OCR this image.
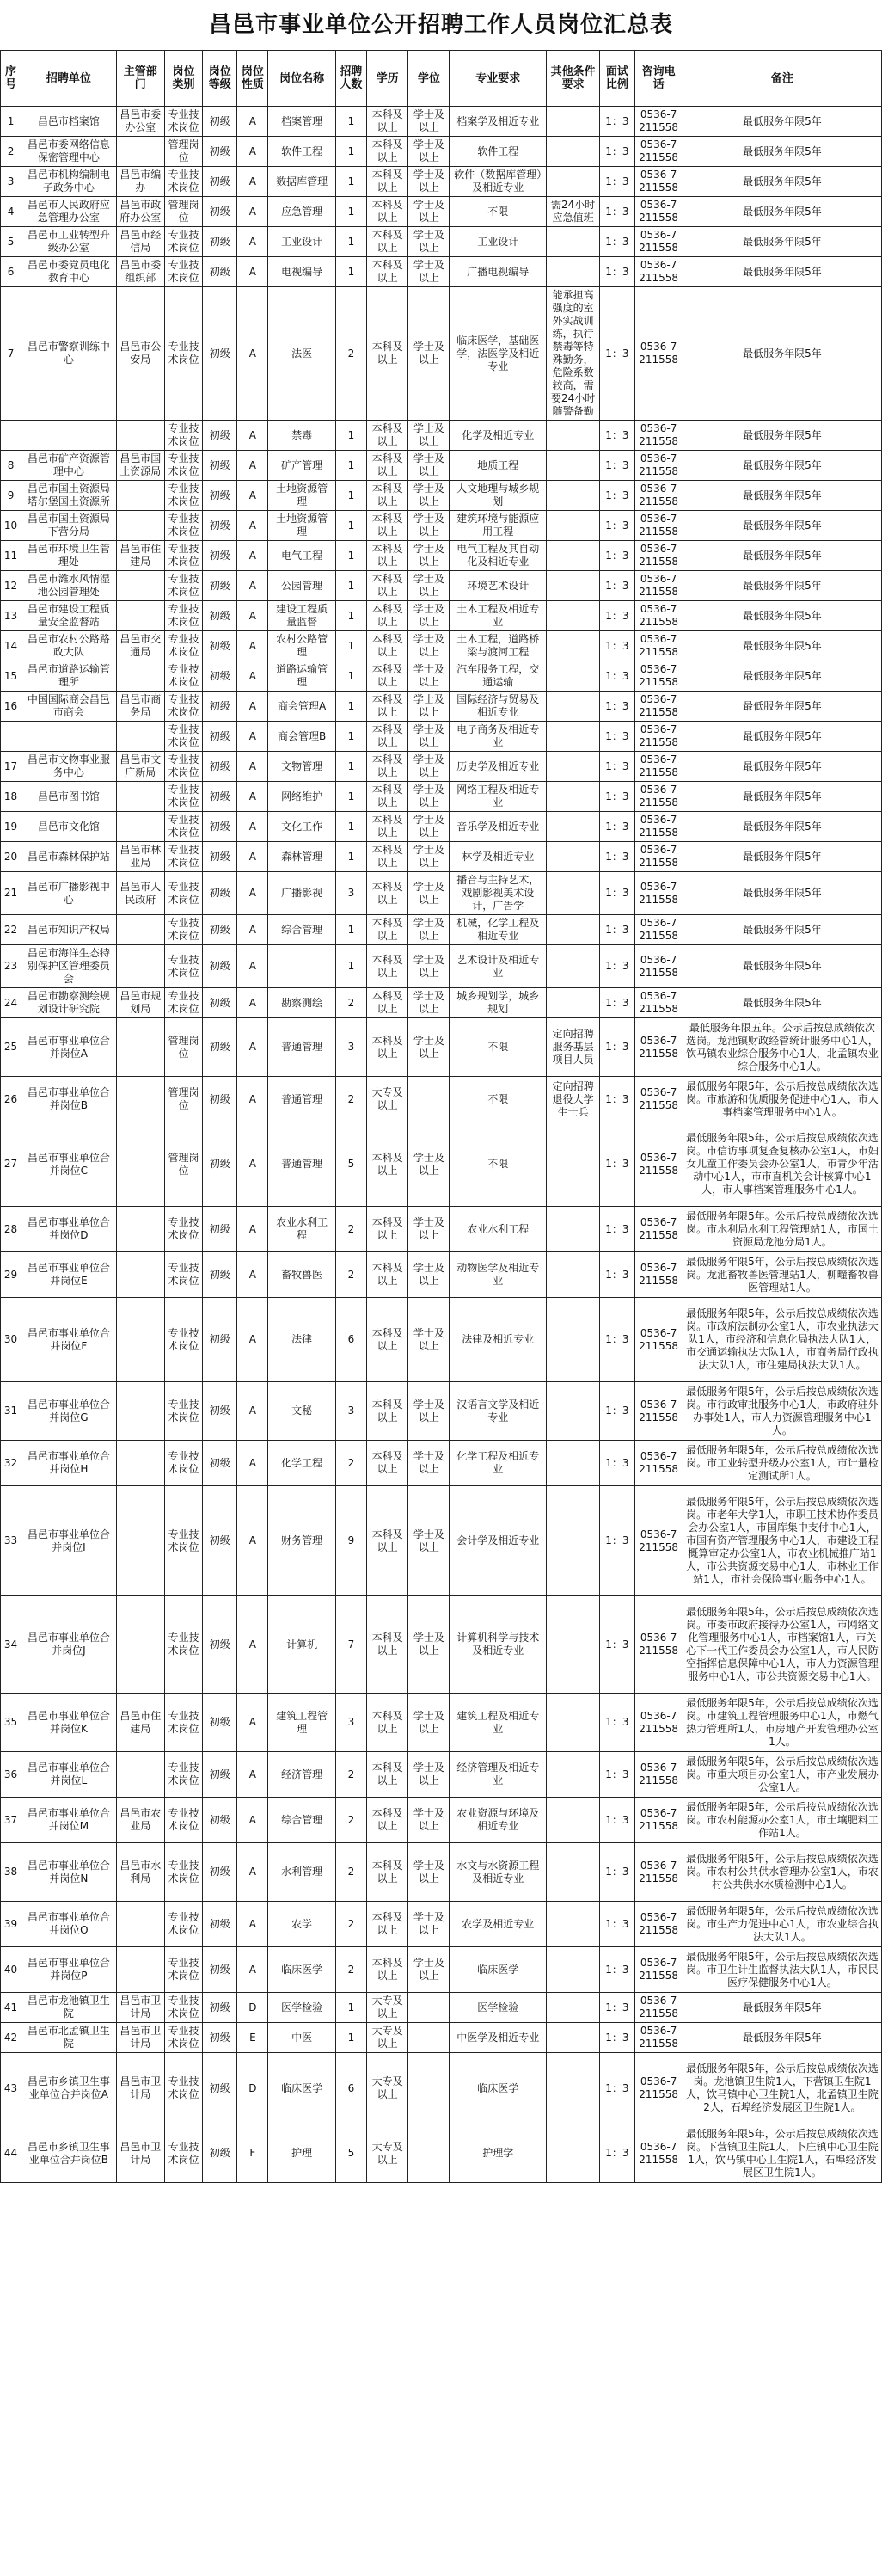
昌邑市事业单位公开招聘工作人员岗位汇总表
序号	招聘单位	主管部门	岗位类别	岗位等级	岗位性质	岗位名称	招聘人数	学历	学位	专业要求	其他条件要求	面试比例	咨询电话	备注
1	昌邑市档案馆	昌邑市委办公室	专业技术岗位	初级	A	档案管理	1	本科及以上	学士及以上	档案学及相近专业		1：3	0536-7211558	最低服务年限5年
2	昌邑市委网络信息保密管理中心		管理岗位	初级	A	软件工程	1	本科及以上	学士及以上	软件工程		1：3	0536-7211558	最低服务年限5年
3	昌邑市机构编制电子政务中心	昌邑市编办	专业技术岗位	初级	A	数据库管理	1	本科及以上	学士及以上	软件（数据库管理）及相近专业		1：3	0536-7211558	最低服务年限5年
4	昌邑市人民政府应急管理办公室	昌邑市政府办公室	管理岗位	初级	A	应急管理	1	本科及以上	学士及以上	不限	需24小时应急值班	1：3	0536-7211558	最低服务年限5年
5	昌邑市工业转型升级办公室	昌邑市经信局	专业技术岗位	初级	A	工业设计	1	本科及以上	学士及以上	工业设计		1：3	0536-7211558	最低服务年限5年
6	昌邑市委党员电化教育中心	昌邑市委组织部	专业技术岗位	初级	A	电视编导	1	本科及以上	学士及以上	广播电视编导		1：3	0536-7211558	最低服务年限5年
7	昌邑市警察训练中心	昌邑市公安局	专业技术岗位	初级	A	法医	2	本科及以上	学士及以上	临床医学，基础医学，法医学及相近专业	能承担高强度的室外实战训练，执行禁毒等特殊勤务，危险系数较高，需要24小时随警备勤	1：3	0536-7211558	最低服务年限5年
			专业技术岗位	初级	A	禁毒	1	本科及以上	学士及以上	化学及相近专业		1：3	0536-7211558	最低服务年限5年
8	昌邑市矿产资源管理中心	昌邑市国土资源局	专业技术岗位	初级	A	矿产管理	1	本科及以上	学士及以上	地质工程		1：3	0536-7211558	最低服务年限5年
9	昌邑市国土资源局塔尔堡国土资源所		专业技术岗位	初级	A	土地资源管理	1	本科及以上	学士及以上	人文地理与城乡规划		1：3	0536-7211558	最低服务年限5年
10	昌邑市国土资源局下营分局		专业技术岗位	初级	A	土地资源管理	1	本科及以上	学士及以上	建筑环境与能源应用工程		1：3	0536-7211558	最低服务年限5年
11	昌邑市环境卫生管理处	昌邑市住建局	专业技术岗位	初级	A	电气工程	1	本科及以上	学士及以上	电气工程及其自动化及相近专业		1：3	0536-7211558	最低服务年限5年
12	昌邑市潍水风情湿地公园管理处		专业技术岗位	初级	A	公园管理	1	本科及以上	学士及以上	环境艺术设计		1：3	0536-7211558	最低服务年限5年
13	昌邑市建设工程质量安全监督站		专业技术岗位	初级	A	建设工程质量监督	1	本科及以上	学士及以上	土木工程及相近专业		1：3	0536-7211558	最低服务年限5年
14	昌邑市农村公路路政大队	昌邑市交通局	专业技术岗位	初级	A	农村公路管理	1	本科及以上	学士及以上	土木工程，道路桥梁与渡河工程		1：3	0536-7211558	最低服务年限5年
15	昌邑市道路运输管理所		专业技术岗位	初级	A	道路运输管理	1	本科及以上	学士及以上	汽车服务工程，交通运输		1：3	0536-7211558	最低服务年限5年
16	中国国际商会昌邑市商会	昌邑市商务局	专业技术岗位	初级	A	商会管理A	1	本科及以上	学士及以上	国际经济与贸易及相近专业		1：3	0536-7211558	最低服务年限5年
			专业技术岗位	初级	A	商会管理B	1	本科及以上	学士及以上	电子商务及相近专业		1：3	0536-7211558	最低服务年限5年
17	昌邑市文物事业服务中心	昌邑市文广新局	专业技术岗位	初级	A	文物管理	1	本科及以上	学士及以上	历史学及相近专业		1：3	0536-7211558	最低服务年限5年
18	昌邑市图书馆		专业技术岗位	初级	A	网络维护	1	本科及以上	学士及以上	网络工程及相近专业		1：3	0536-7211558	最低服务年限5年
19	昌邑市文化馆		专业技术岗位	初级	A	文化工作	1	本科及以上	学士及以上	音乐学及相近专业		1：3	0536-7211558	最低服务年限5年
20	昌邑市森林保护站	昌邑市林业局	专业技术岗位	初级	A	森林管理	1	本科及以上	学士及以上	林学及相近专业		1：3	0536-7211558	最低服务年限5年
21	昌邑市广播影视中心	昌邑市人民政府	专业技术岗位	初级	A	广播影视	3	本科及以上	学士及以上	播音与主持艺术，戏剧影视美术设计，广告学		1：3	0536-7211558	最低服务年限5年
22	昌邑市知识产权局		专业技术岗位	初级	A	综合管理	1	本科及以上	学士及以上	机械，化学工程及相近专业		1：3	0536-7211558	最低服务年限5年
23	昌邑市海洋生态特别保护区管理委员会		专业技术岗位	初级	A		1	本科及以上	学士及以上	艺术设计及相近专业		1：3	0536-7211558	最低服务年限5年
24	昌邑市勘察测绘规划设计研究院	昌邑市规划局	专业技术岗位	初级	A	勘察测绘	2	本科及以上	学士及以上	城乡规划学，城乡规划		1：3	0536-7211558	最低服务年限5年
25	昌邑市事业单位合并岗位A		管理岗位	初级	A	普通管理	3	本科及以上	学士及以上	不限	定向招聘服务基层项目人员	1：3	0536-7211558	最低服务年限五年。公示后按总成绩依次选岗。龙池镇财政经管统计服务中心1人，饮马镇农业综合服务中心1人，北孟镇农业综合服务中心1人。
26	昌邑市事业单位合并岗位B		管理岗位	初级	A	普通管理	2	大专及以上		不限	定向招聘退役大学生士兵	1：3	0536-7211558	最低服务年限5年，公示后按总成绩依次选岗。市旅游和优质服务促进中心1人，市人事档案管理服务中心1人。
27	昌邑市事业单位合并岗位C		管理岗位	初级	A	普通管理	5	本科及以上	学士及以上	不限		1：3	0536-7211558	最低服务年限5年，公示后按总成绩依次选岗。市信访事项复查复核办公室1人，市妇女儿童工作委员会办公室1人，市青少年活动中心1人，市市直机关会计核算中心1人，市人事档案管理服务中心1人。
28	昌邑市事业单位合并岗位D		专业技术岗位	初级	A	农业水利工程	2	本科及以上	学士及以上	农业水利工程		1：3	0536-7211558	最低服务年限5年。公示后按总成绩依次选岗。市水利局水利工程管理站1人，市国土资源局龙池分局1人。
29	昌邑市事业单位合并岗位E		专业技术岗位	初级	A	畜牧兽医	2	本科及以上	学士及以上	动物医学及相近专业		1：3	0536-7211558	最低服务年限5年，公示后按总成绩依次选岗。龙池畜牧兽医管理站1人，柳疃畜牧兽医管理站1人。
30	昌邑市事业单位合并岗位F		专业技术岗位	初级	A	法律	6	本科及以上	学士及以上	法律及相近专业		1：3	0536-7211558	最低服务年限5年，公示后按总成绩依次选岗。市政府法制办公室1人，市农业执法大队1人，市经济和信息化局执法大队1人，市交通运输执法大队1人，市商务局行政执法大队1人，市住建局执法大队1人。
31	昌邑市事业单位合并岗位G		专业技术岗位	初级	A	文秘	3	本科及以上	学士及以上	汉语言文学及相近专业		1：3	0536-7211558	最低服务年限5年，公示后按总成绩依次选岗。市行政审批服务中心1人，市政府驻外办事处1人，市人力资源管理服务中心1人。
32	昌邑市事业单位合并岗位H		专业技术岗位	初级	A	化学工程	2	本科及以上	学士及以上	化学工程及相近专业		1：3	0536-7211558	最低服务年限5年，公示后按总成绩依次选岗。市工业转型升级办公室1人，市计量检定测试所1人。
33	昌邑市事业单位合并岗位I		专业技术岗位	初级	A	财务管理	9	本科及以上	学士及以上	会计学及相近专业		1：3	0536-7211558	最低服务年限5年，公示后按总成绩依次选岗。市老年大学1人，市职工技术协作委员会办公室1人，市国库集中支付中心1人，市国有资产管理服务中心1人，市建设工程概算审定办公室1人，市农业机械推广站1人，市公共资源交易中心1人，市林业工作站1人，市社会保险事业服务中心1人。
34	昌邑市事业单位合并岗位J		专业技术岗位	初级	A	计算机	7	本科及以上	学士及以上	计算机科学与技术及相近专业		1：3	0536-7211558	最低服务年限5年，公示后按总成绩依次选岗。市委市政府接待办公室1人，市网络文化管理服务中心1人，市档案馆1人，市关心下一代工作委员会办公室1人，市人民防空指挥信息保障中心1人，市人力资源管理服务中心1人，市公共资源交易中心1人。
35	昌邑市事业单位合并岗位K	昌邑市住建局	专业技术岗位	初级	A	建筑工程管理	3	本科及以上	学士及以上	建筑工程及相近专业		1：3	0536-7211558	最低服务年限5年，公示后按总成绩依次选岗。市建筑工程管理服务中心1人，市燃气热力管理所1人，市房地产开发管理办公室1人。
36	昌邑市事业单位合并岗位L		专业技术岗位	初级	A	经济管理	2	本科及以上	学士及以上	经济管理及相近专业		1：3	0536-7211558	最低服务年限5年，公示后按总成绩依次选岗。市重大项目办公室1人，市产业发展办公室1人。
37	昌邑市事业单位合并岗位M	昌邑市农业局	专业技术岗位	初级	A	综合管理	2	本科及以上	学士及以上	农业资源与环境及相近专业		1：3	0536-7211558	最低服务年限5年，公示后按总成绩依次选岗。市农村能源办公室1人，市土壤肥料工作站1人。
38	昌邑市事业单位合并岗位N	昌邑市水利局	专业技术岗位	初级	A	水利管理	2	本科及以上	学士及以上	水文与水资源工程及相近专业		1：3	0536-7211558	最低服务年限5年，公示后按总成绩依次选岗。市农村公共供水管理办公室1人，市农村公共供水水质检测中心1人。
39	昌邑市事业单位合并岗位O		专业技术岗位	初级	A	农学	2	本科及以上	学士及以上	农学及相近专业		1：3	0536-7211558	最低服务年限5年，公示后按总成绩依次选岗。市生产力促进中心1人，市农业综合执法大队1人。
40	昌邑市事业单位合并岗位P		专业技术岗位	初级	A	临床医学	2	本科及以上	学士及以上	临床医学		1：3	0536-7211558	最低服务年限5年，公示后按总成绩依次选岗。市卫生计生监督执法大队1人，市民民医疗保健服务中心1人。
41	昌邑市龙池镇卫生院	昌邑市卫计局	专业技术岗位	初级	D	医学检验	1	大专及以上		医学检验		1：3	0536-7211558	最低服务年限5年
42	昌邑市北孟镇卫生院	昌邑市卫计局	专业技术岗位	初级	E	中医	1	大专及以上		中医学及相近专业		1：3	0536-7211558	最低服务年限5年
43	昌邑市乡镇卫生事业单位合并岗位A	昌邑市卫计局	专业技术岗位	初级	D	临床医学	6	大专及以上		临床医学		1：3	0536-7211558	最低服务年限5年，公示后按总成绩依次选岗。龙池镇卫生院1人，下营镇卫生院1人，饮马镇中心卫生院1人，北孟镇卫生院2人，石埠经济发展区卫生院1人。
44	昌邑市乡镇卫生事业单位合并岗位B	昌邑市卫计局	专业技术岗位	初级	F	护理	5	大专及以上		护理学		1：3	0536-7211558	最低服务年限5年，公示后按总成绩依次选岗。下营镇卫生院1人，卜庄镇中心卫生院1人，饮马镇中心卫生院1人，石埠经济发展区卫生院1人。
